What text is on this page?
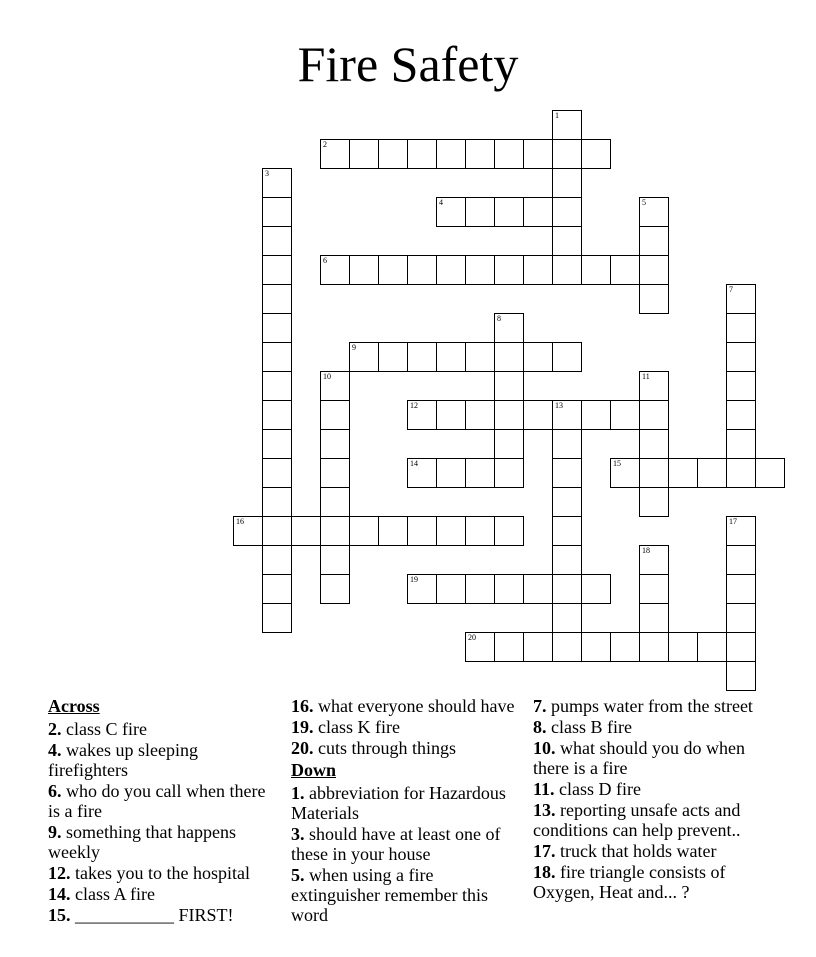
Fire Safety
2
4
6
9
12	13
14	15
16
19
20
1
3
5
7
8
10	11
17
18
Across
2. class C fire
4. wakes up sleeping firefighters
6. who do you call when there is a fire
9. something that happens weekly
12. takes you to the hospital
14. class A fire
15. ___________ FIRST!
16. what everyone should have
19. class K fire
20. cuts through things
Down
1. abbreviation for Hazardous Materials
3. should have at least one of these in your house
5. when using a fire extinguisher remember this word
7. pumps water from the street
8. class B fire
10. what should you do when there is a fire
11. class D fire
13. reporting unsafe acts and conditions can help prevent..
17. truck that holds water
18. fire triangle consists of Oxygen, Heat and... ?
